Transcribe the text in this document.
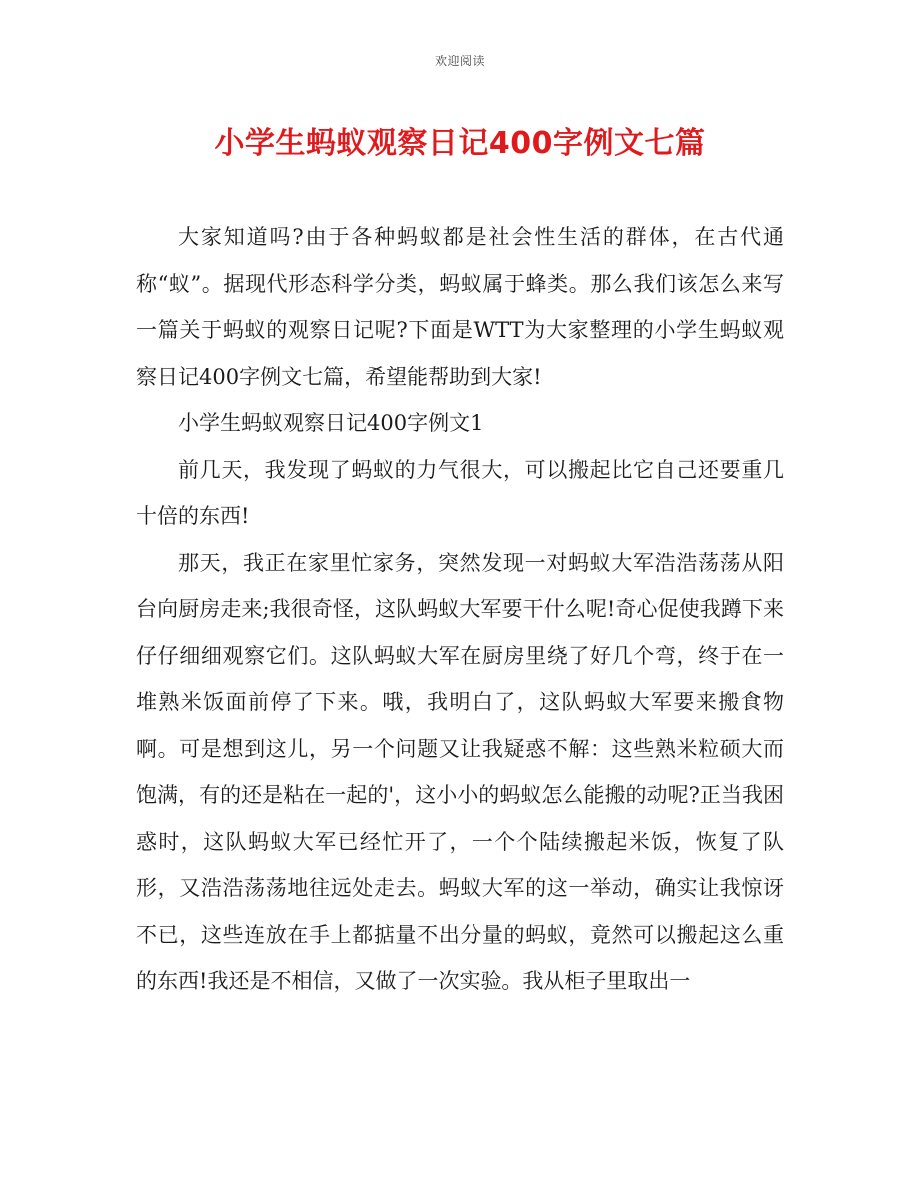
欢迎阅读
小学生蚂蚁观察日记400字例文七篇

大家知道吗?由于各种蚂蚁都是社会性生活的群体，在古代通称“蚁”。据现代形态科学分类，蚂蚁属于蜂类。那么我们该怎么来写一篇关于蚂蚁的观察日记呢?下面是WTT为大家整理的小学生蚂蚁观察日记400字例文七篇，希望能帮助到大家!

小学生蚂蚁观察日记400字例文1

前几天，我发现了蚂蚁的力气很大，可以搬起比它自己还要重几十倍的东西!

那天，我正在家里忙家务，突然发现一对蚂蚁大军浩浩荡荡从阳台向厨房走来;我很奇怪，这队蚂蚁大军要干什么呢!奇心促使我蹲下来仔仔细细观察它们。这队蚂蚁大军在厨房里绕了好几个弯，终于在一堆熟米饭面前停了下来。哦，我明白了，这队蚂蚁大军要来搬食物啊。可是想到这儿，另一个问题又让我疑惑不解：这些熟米粒硕大而饱满，有的还是粘在一起的'，这小小的蚂蚁怎么能搬的动呢?正当我困惑时，这队蚂蚁大军已经忙开了，一个个陆续搬起米饭，恢复了队形，又浩浩荡荡地往远处走去。蚂蚁大军的这一举动，确实让我惊讶不已，这些连放在手上都掂量不出分量的蚂蚁，竟然可以搬起这么重的东西!我还是不相信，又做了一次实验。我从柜子里取出一
